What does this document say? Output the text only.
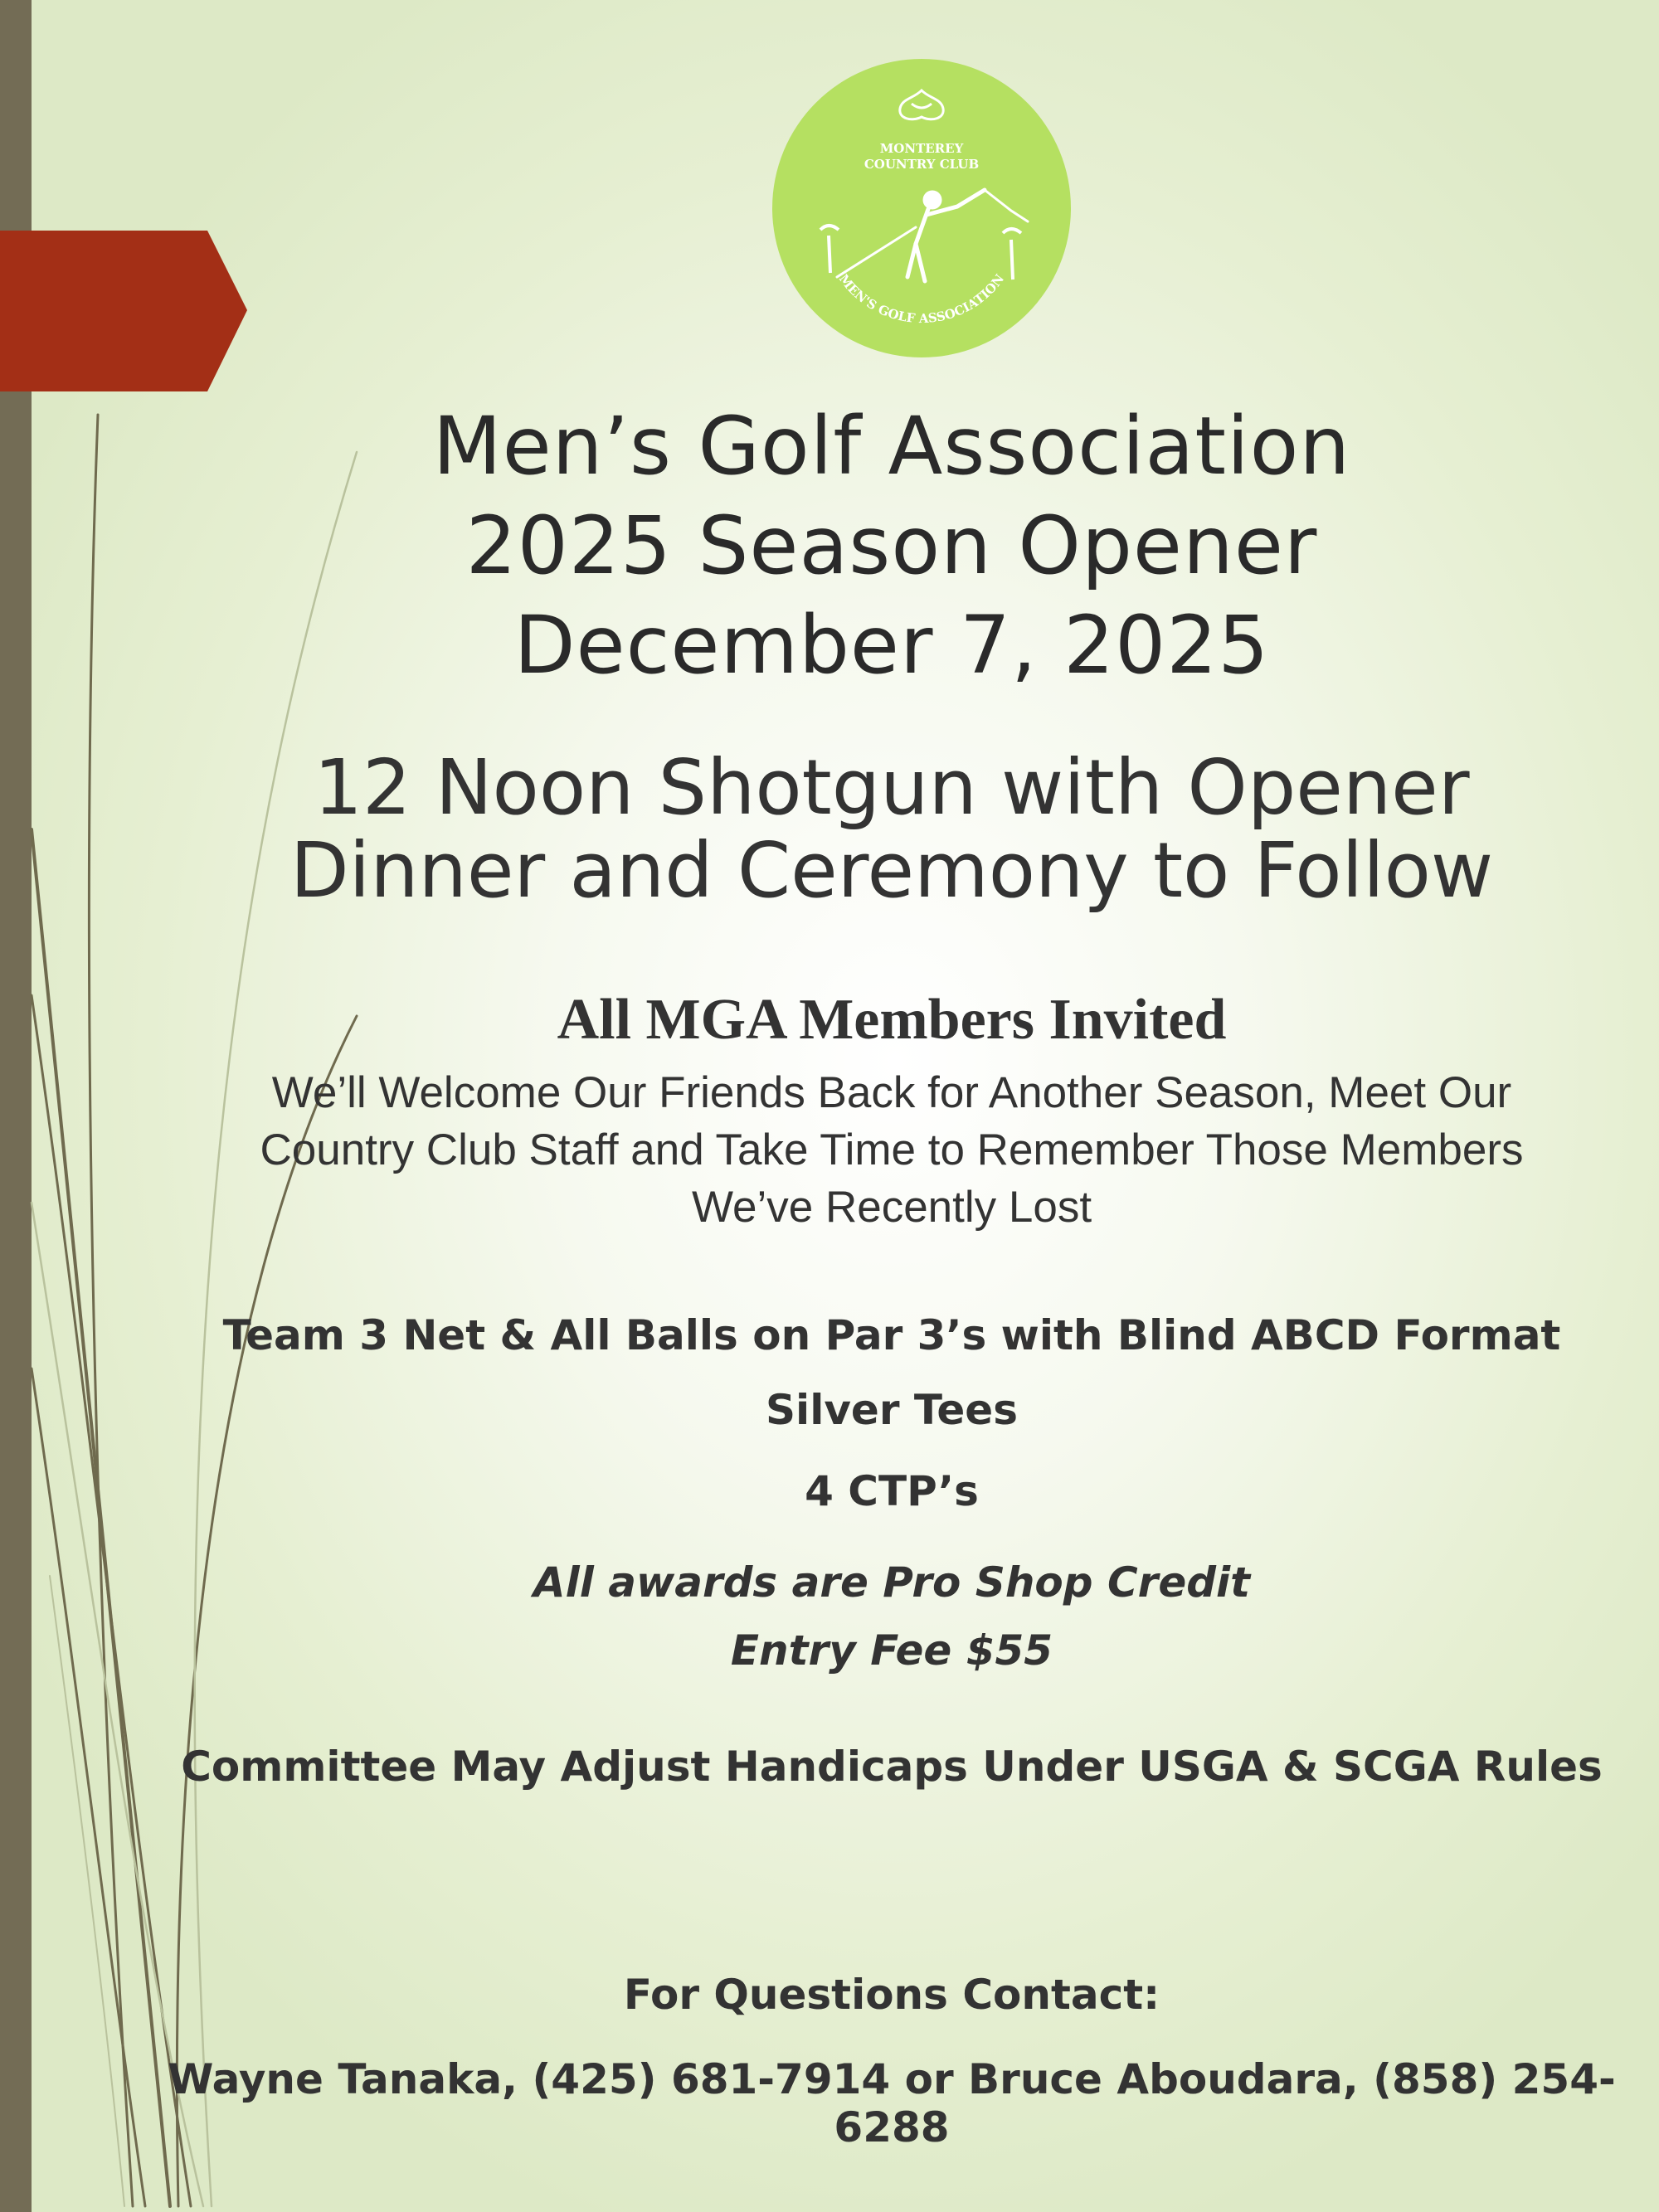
MONTEREY
COUNTRY CLUB
MEN'S GOLF ASSOCIATION
Men’s Golf Association
2025 Season Opener
December 7, 2025
12 Noon Shotgun with Opener
Dinner and Ceremony to Follow
All MGA Members Invited
We’ll Welcome Our Friends Back for Another Season, Meet Our
Country Club Staff and Take Time to Remember Those Members
We’ve Recently Lost
Team 3 Net & All Balls on Par 3’s with Blind ABCD Format
Silver Tees
4 CTP’s
All awards are Pro Shop Credit
Entry Fee $55
Committee May Adjust Handicaps Under USGA & SCGA Rules
For Questions Contact:
Wayne Tanaka, (425) 681-7914 or Bruce Aboudara, (858) 254-
6288
